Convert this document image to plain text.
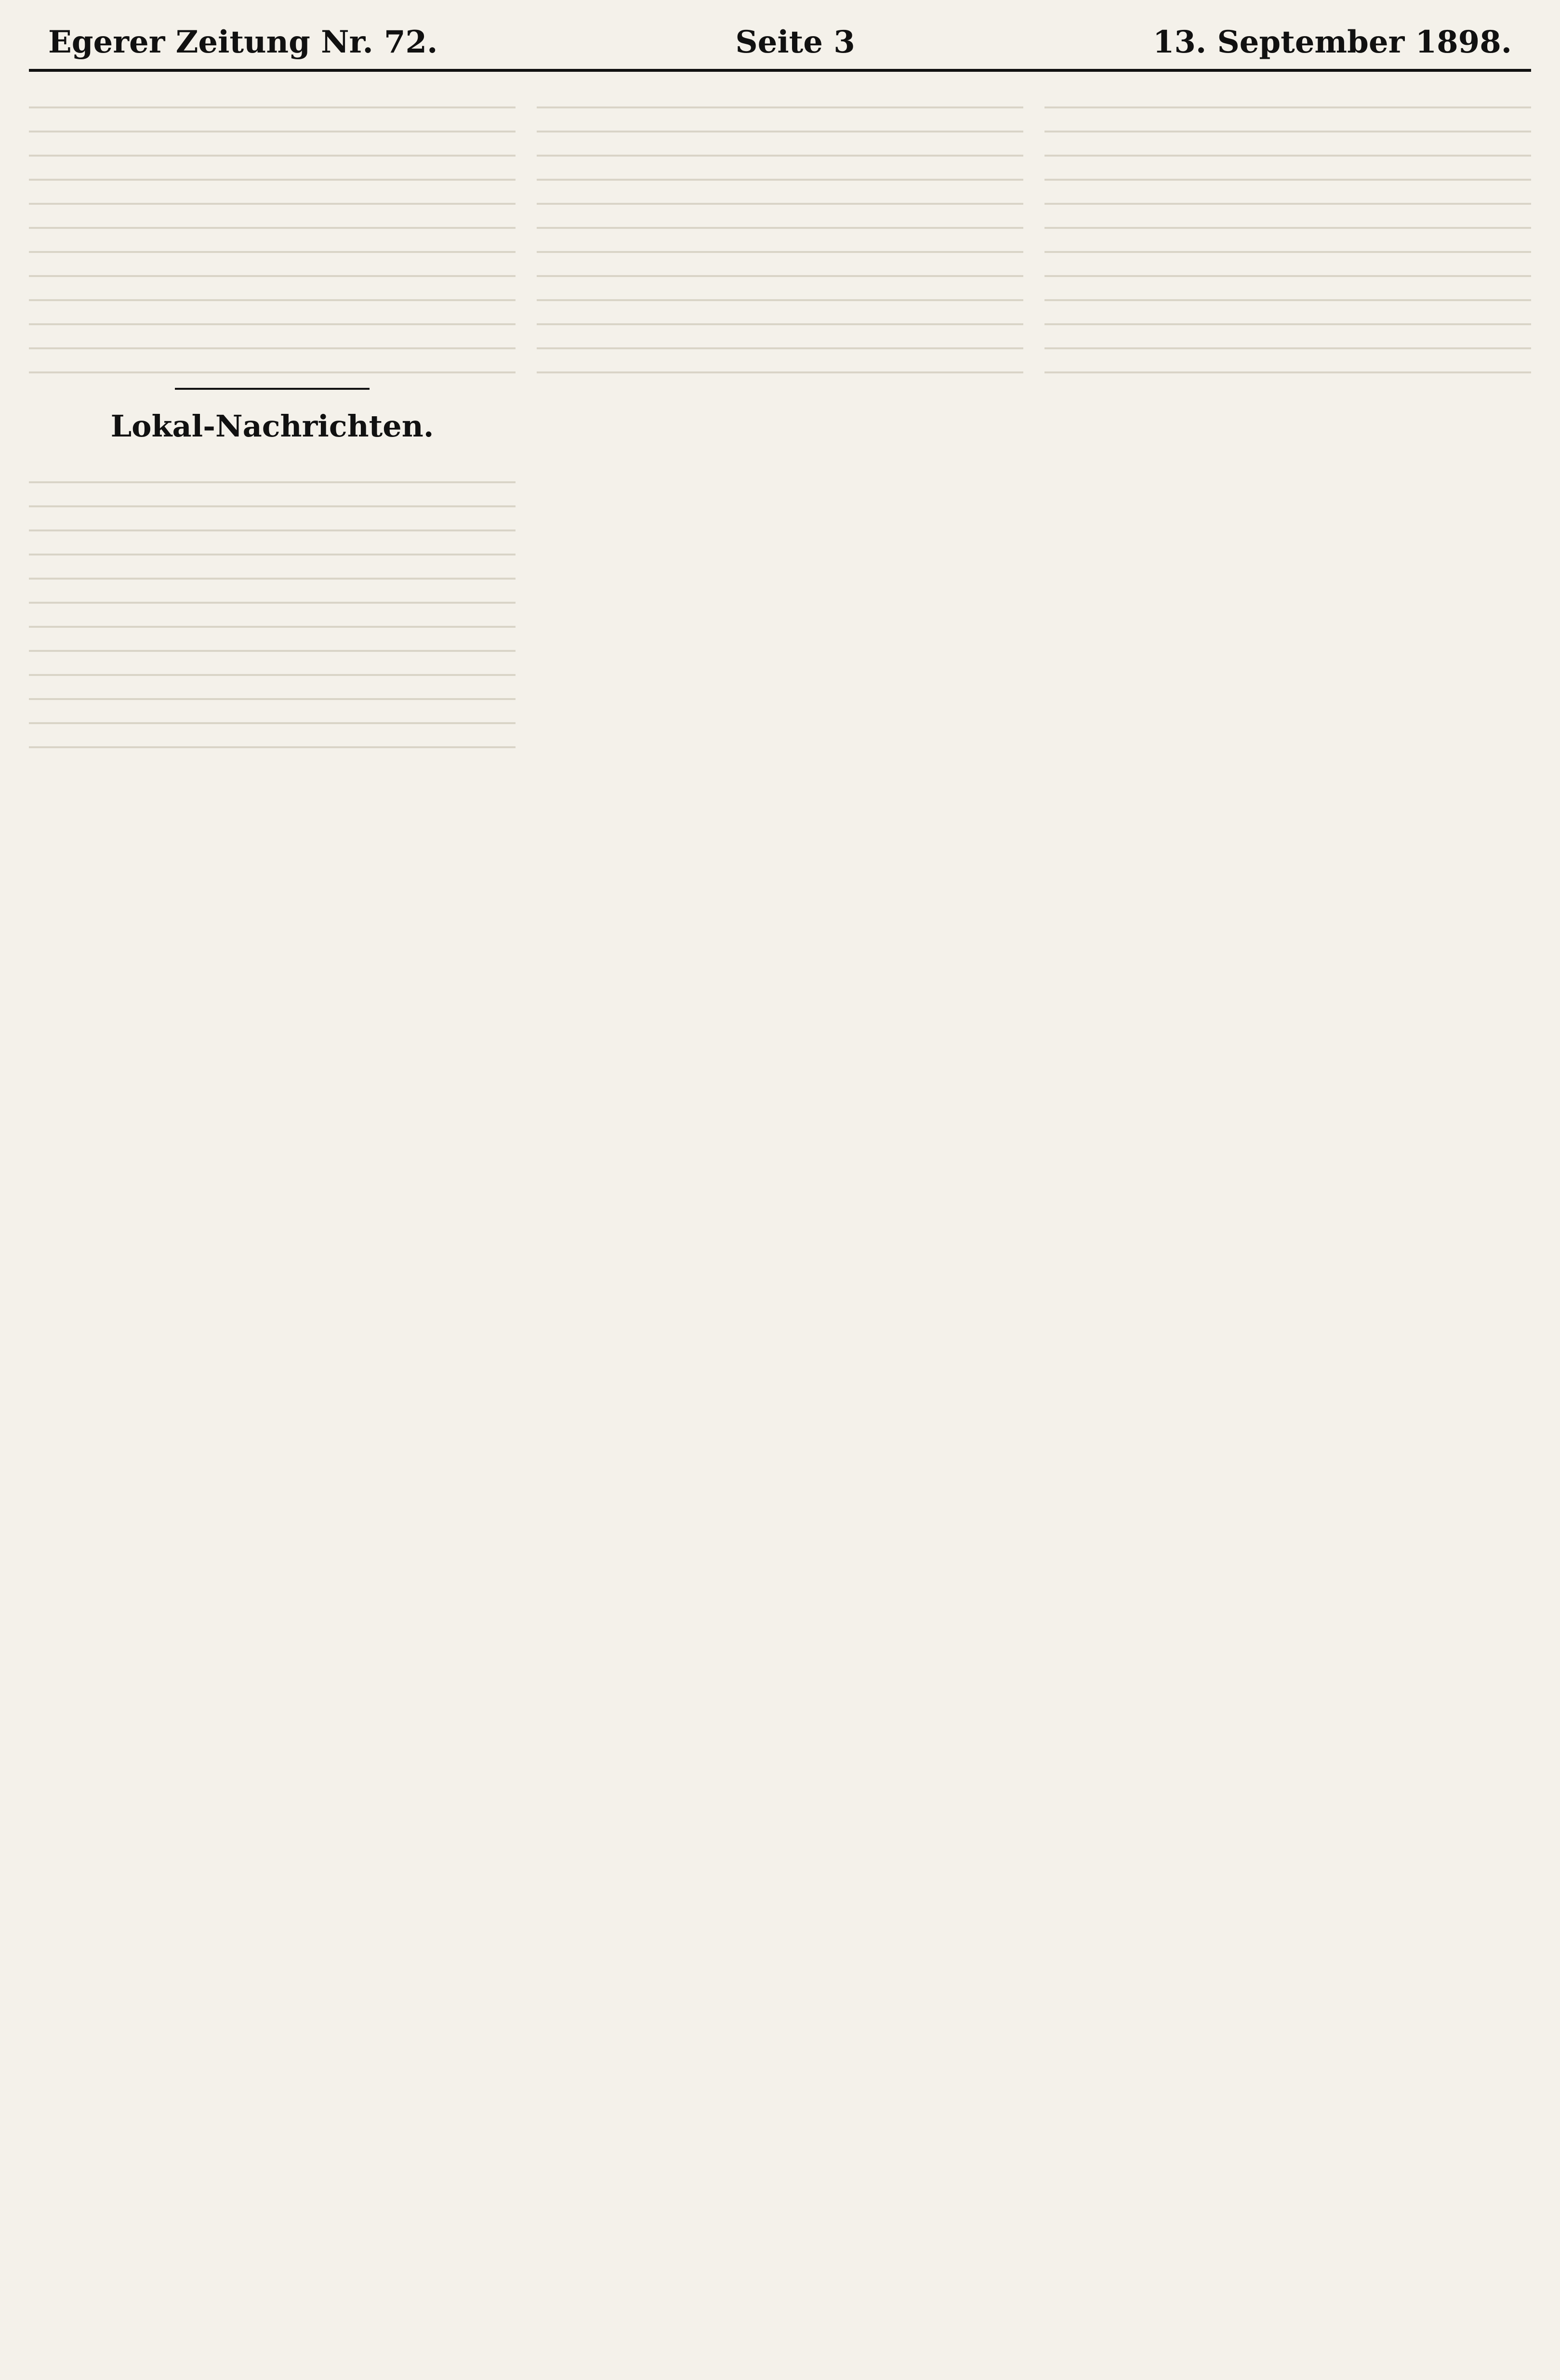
Egerer Zeitung Nr. 72.	Seite 3	13. September 1898.
Lokal-Nachrichten.
